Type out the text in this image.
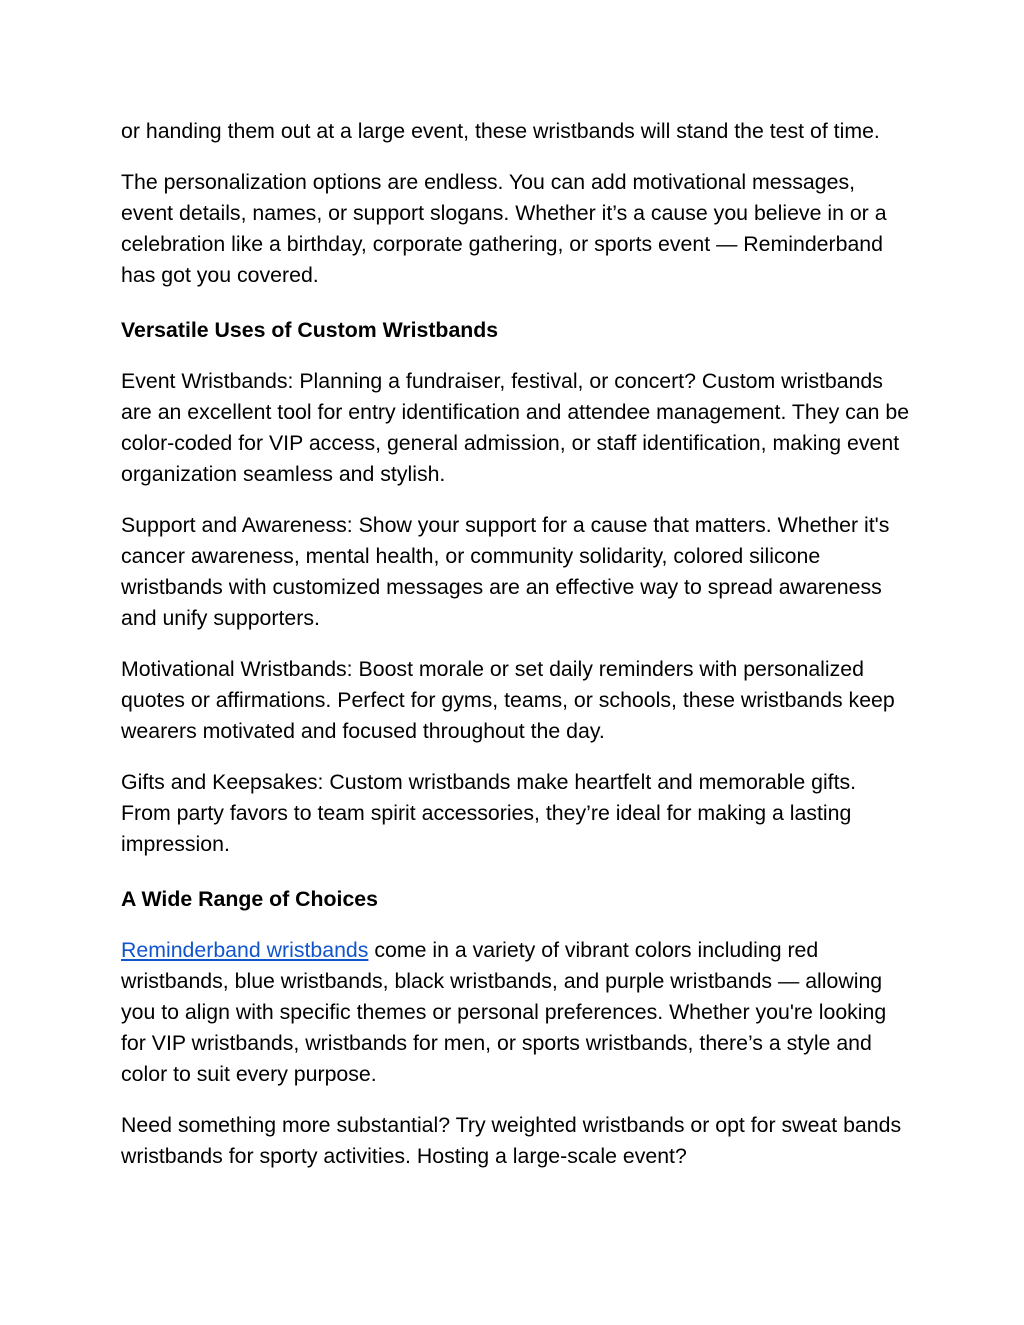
or handing them out at a large event, these wristbands will stand the test of time.

The personalization options are endless. You can add motivational messages, event details, names, or support slogans. Whether it’s a cause you believe in or a celebration like a birthday, corporate gathering, or sports event — Reminderband has got you covered.

Versatile Uses of Custom Wristbands

Event Wristbands: Planning a fundraiser, festival, or concert? Custom wristbands are an excellent tool for entry identification and attendee management. They can be color-coded for VIP access, general admission, or staff identification, making event organization seamless and stylish.

Support and Awareness: Show your support for a cause that matters. Whether it's cancer awareness, mental health, or community solidarity, colored silicone wristbands with customized messages are an effective way to spread awareness and unify supporters.

Motivational Wristbands: Boost morale or set daily reminders with personalized quotes or affirmations. Perfect for gyms, teams, or schools, these wristbands keep wearers motivated and focused throughout the day.

Gifts and Keepsakes: Custom wristbands make heartfelt and memorable gifts. From party favors to team spirit accessories, they’re ideal for making a lasting impression.

A Wide Range of Choices

Reminderband wristbands come in a variety of vibrant colors including red wristbands, blue wristbands, black wristbands, and purple wristbands — allowing you to align with specific themes or personal preferences. Whether you're looking for VIP wristbands, wristbands for men, or sports wristbands, there’s a style and color to suit every purpose.

Need something more substantial? Try weighted wristbands or opt for sweat bands wristbands for sporty activities. Hosting a large-scale event?
